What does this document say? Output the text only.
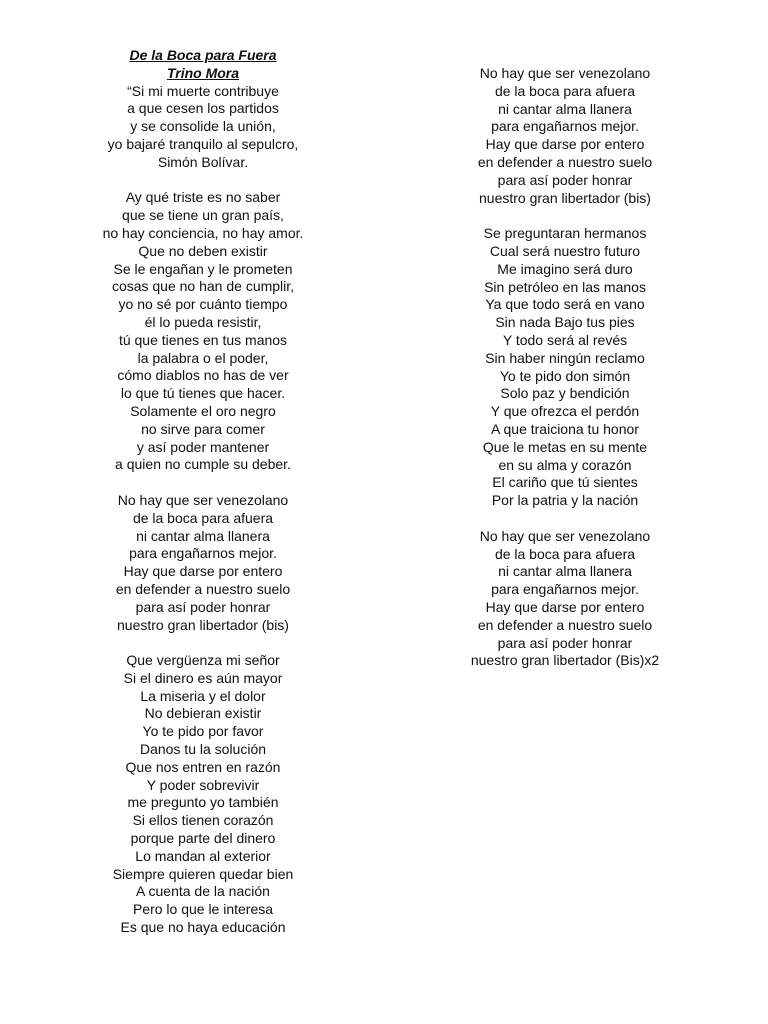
De la Boca para Fuera
Trino Mora
“Si mi muerte contribuye
a que cesen los partidos
y se consolide la unión,
yo bajaré tranquilo al sepulcro,
Simón Bolívar.
Ay qué triste es no saber
que se tiene un gran país,
no hay conciencia, no hay amor.
Que no deben existir
Se le engañan y le prometen
cosas que no han de cumplir,
yo no sé por cuánto tiempo
él lo pueda resistir,
tú que tienes en tus manos
la palabra o el poder,
cómo diablos no has de ver
lo que tú tienes que hacer.
Solamente el oro negro
no sirve para comer
y así poder mantener
a quien no cumple su deber.
No hay que ser venezolano
de la boca para afuera
ni cantar alma llanera
para engañarnos mejor.
Hay que darse por entero
en defender a nuestro suelo
para así poder honrar
nuestro gran libertador (bis)
Que vergüenza mi señor
Si el dinero es aún mayor
La miseria y el dolor
No debieran existir
Yo te pido por favor
Danos tu la solución
Que nos entren en razón
Y poder sobrevivir
me pregunto yo también
Si ellos tienen corazón
porque parte del dinero
Lo mandan al exterior
Siempre quieren quedar bien
A cuenta de la nación
Pero lo que le interesa
Es que no haya educación
No hay que ser venezolano
de la boca para afuera
ni cantar alma llanera
para engañarnos mejor.
Hay que darse por entero
en defender a nuestro suelo
para así poder honrar
nuestro gran libertador (bis)
Se preguntaran hermanos
Cual será nuestro futuro
Me imagino será duro
Sin petróleo en las manos
Ya que todo será en vano
Sin nada Bajo tus pies
Y todo será al revés
Sin haber ningún reclamo
Yo te pido don simón
Solo paz y bendición
Y que ofrezca el perdón
A que traiciona tu honor
Que le metas en su mente
en su alma y corazón
El cariño que tú sientes
Por la patria y la nación
No hay que ser venezolano
de la boca para afuera
ni cantar alma llanera
para engañarnos mejor.
Hay que darse por entero
en defender a nuestro suelo
para así poder honrar
nuestro gran libertador (Bis)x2
